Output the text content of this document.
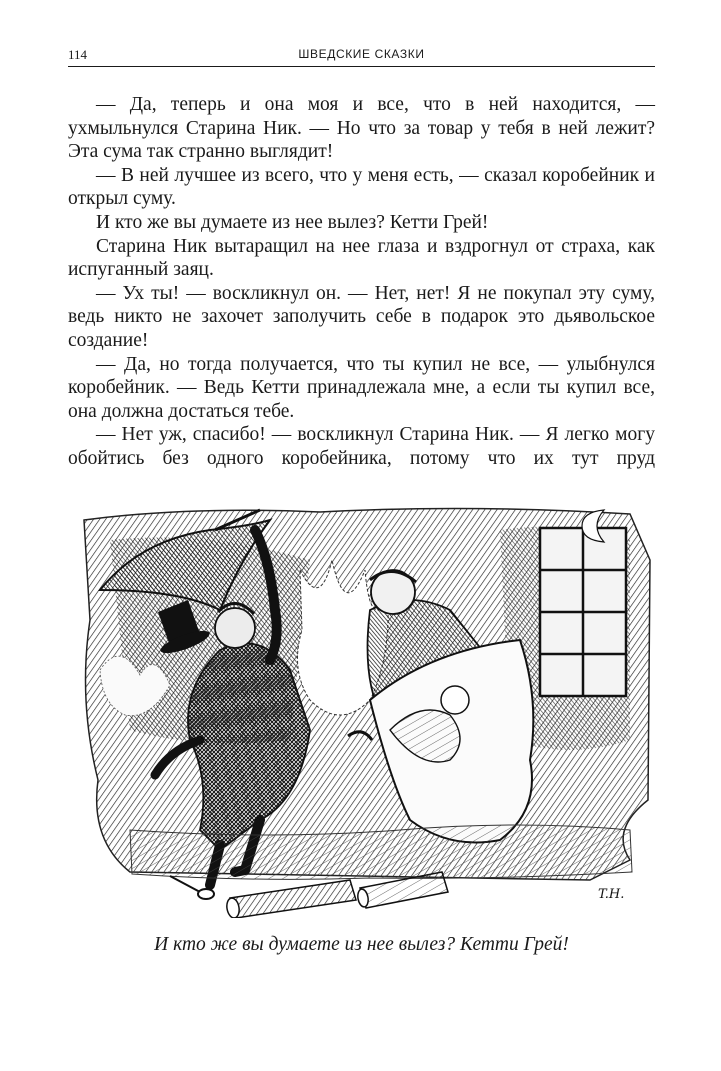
114	ШВЕДСКИЕ СКАЗКИ

— Да, теперь и она моя и все, что в ней находится, — ухмыльнулся Старина Ник. — Но что за товар у тебя в ней лежит? Эта сума так странно выглядит!

— В ней лучшее из всего, что у меня есть, — сказал коробейник и открыл суму.

И кто же вы думаете из нее вылез? Кетти Грей!

Старина Ник вытаращил на нее глаза и вздрогнул от страха, как испуганный заяц.

— Ух ты! — воскликнул он. — Нет, нет! Я не покупал эту суму, ведь никто не захочет заполучить себе в подарок это дьявольское создание!

— Да, но тогда получается, что ты купил не все, — улыбнулся коробейник. — Ведь Кетти принадлежала мне, а если ты купил все, она должна достаться тебе.

— Нет уж, спасибо! — воскликнул Старина Ник. — Я легко могу обойтись без одного коробейника, потому что их тут пруд

T.H.
И кто же вы думаете из нее вылез? Кетти Грей!
